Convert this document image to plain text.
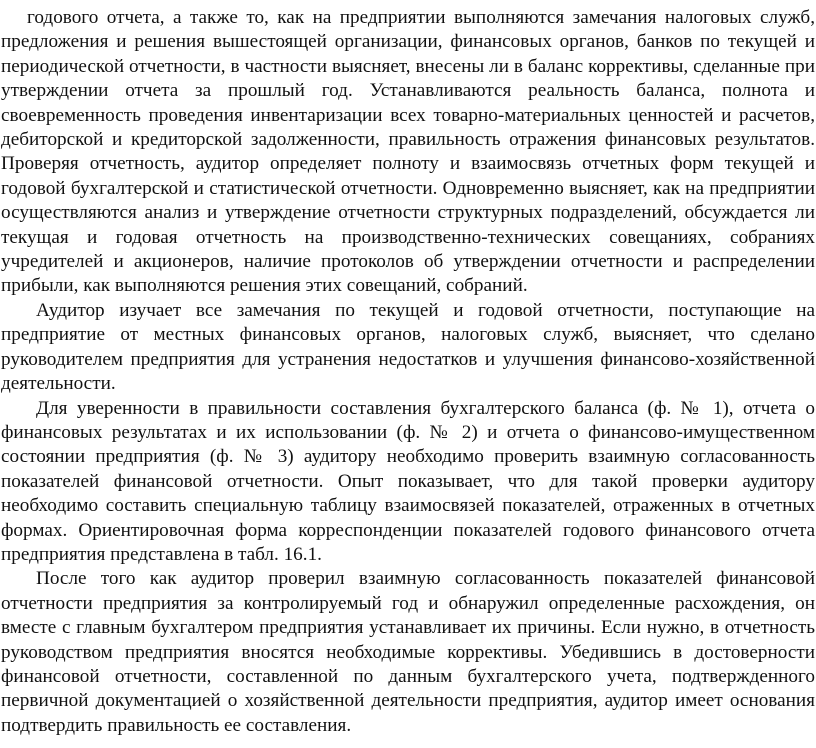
годового отчета, а также то, как на предприятии выполняются замечания налоговых служб, предложения и решения вышестоящей организации, финансовых органов, банков по текущей и периодической отчетности, в частности выясняет, внесены ли в баланс коррективы, сделанные при утверждении отчета за прошлый год. Устанавливаются реальность баланса, полнота и своевременность проведения инвентаризации всех товарно-материальных ценностей и расчетов, дебиторской и кредиторской задолженности, правильность отражения финансовых результатов. Проверяя отчетность, аудитор определяет полноту и взаимосвязь отчетных форм текущей и годовой бухгалтерской и статистической отчетности. Одновременно выясняет, как на предприятии осуществляются анализ и утверждение отчетности структурных подразделений, обсуждается ли текущая и годовая отчетность на производственно-технических совещаниях, собраниях учредителей и акционеров, наличие протоколов об утверждении отчетности и распределении прибыли, как выполняются решения этих совещаний, собраний.

Аудитор изучает все замечания по текущей и годовой отчетности, поступающие на предприятие от местных финансовых органов, налоговых служб, выясняет, что сделано руководителем предприятия для устранения недостатков и улучшения финансово-хозяйственной деятельности.

Для уверенности в правильности составления бухгалтерского баланса (ф. № 1), отчета о финансовых результатах и их использовании (ф. № 2) и отчета о финансово-имущественном состоянии предприятия (ф. № 3) аудитору необходимо проверить взаимную согласованность показателей финансовой отчетности. Опыт показывает, что для такой проверки аудитору необходимо составить специальную таблицу взаимосвязей показателей, отраженных в отчетных формах. Ориентировочная форма корреспонденции показателей годового финансового отчета предприятия представлена в табл. 16.1.

После того как аудитор проверил взаимную согласованность показателей финансовой отчетности предприятия за контролируемый год и обнаружил определенные расхождения, он вместе с главным бухгалтером предприятия устанавливает их причины. Если нужно, в отчетность руководством предприятия вносятся необходимые коррективы. Убедившись в достоверности финансовой отчетности, составленной по данным бухгалтерского учета, подтвержденного первичной документацией о хозяйственной деятельности предприятия, аудитор имеет основания подтвердить правильность ее составления.
